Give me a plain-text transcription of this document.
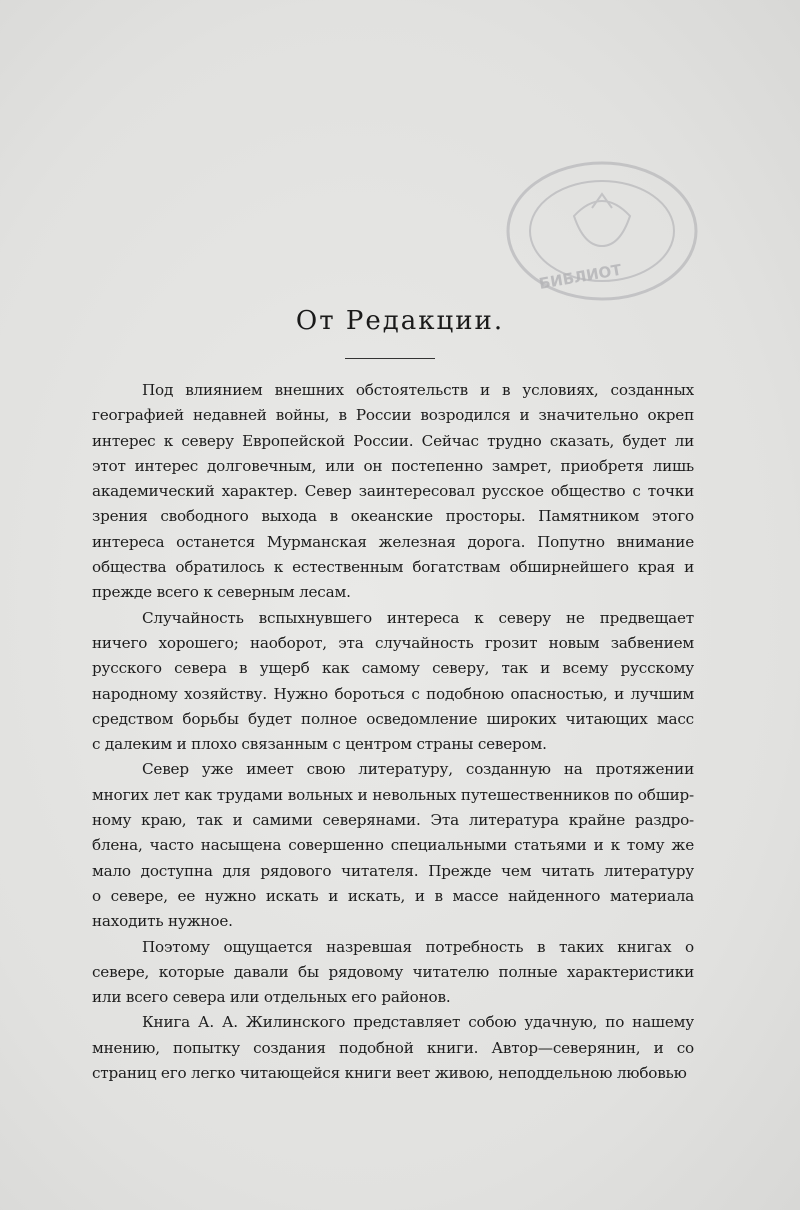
БИБЛИОТ
От Редакции.
Под влиянием внешних обстоятельств и в условиях, созданных
географией недавней войны, в России возродился и значительно окреп
интерес к северу Европейской России. Сейчас трудно сказать, будет ли
этот интерес долговечным, или он постепенно замрет, приобретя лишь
академический характер. Север заинтересовал русское общество с точки
зрения свободного выхода в океанские просторы. Памятником этого
интереса останется Мурманская железная дорога. Попутно внимание
общества обратилось к естественным богатствам обширнейшего края и
прежде всего к северным лесам.
Случайность вспыхнувшего интереса к северу не предвещает
ничего хорошего; наоборот, эта случайность грозит новым забвением
русского севера в ущерб как самому северу, так и всему русскому
народному хозяйству. Нужно бороться с подобною опасностью, и лучшим
средством борьбы будет полное осведомление широких читающих масс
с далеким и плохо связанным с центром страны севером.
Север уже имеет свою литературу, созданную на протяжении
многих лет как трудами вольных и невольных путешественников по обшир-
ному краю, так и самими северянами. Эта литература крайне раздро-
блена, часто насыщена совершенно специальными статьями и к тому же
мало доступна для рядового читателя. Прежде чем читать литературу
о севере, ее нужно искать и искать, и в массе найденного материала
находить нужное.
Поэтому ощущается назревшая потребность в таких книгах о
севере, которые давали бы рядовому читателю полные характеристики
или всего севера или отдельных его районов.
Книга А. А. Жилинского представляет собою удачную, по нашему
мнению, попытку создания подобной книги. Автор—северянин, и со
страниц его легко читающейся книги веет живою, неподдельною любовью
